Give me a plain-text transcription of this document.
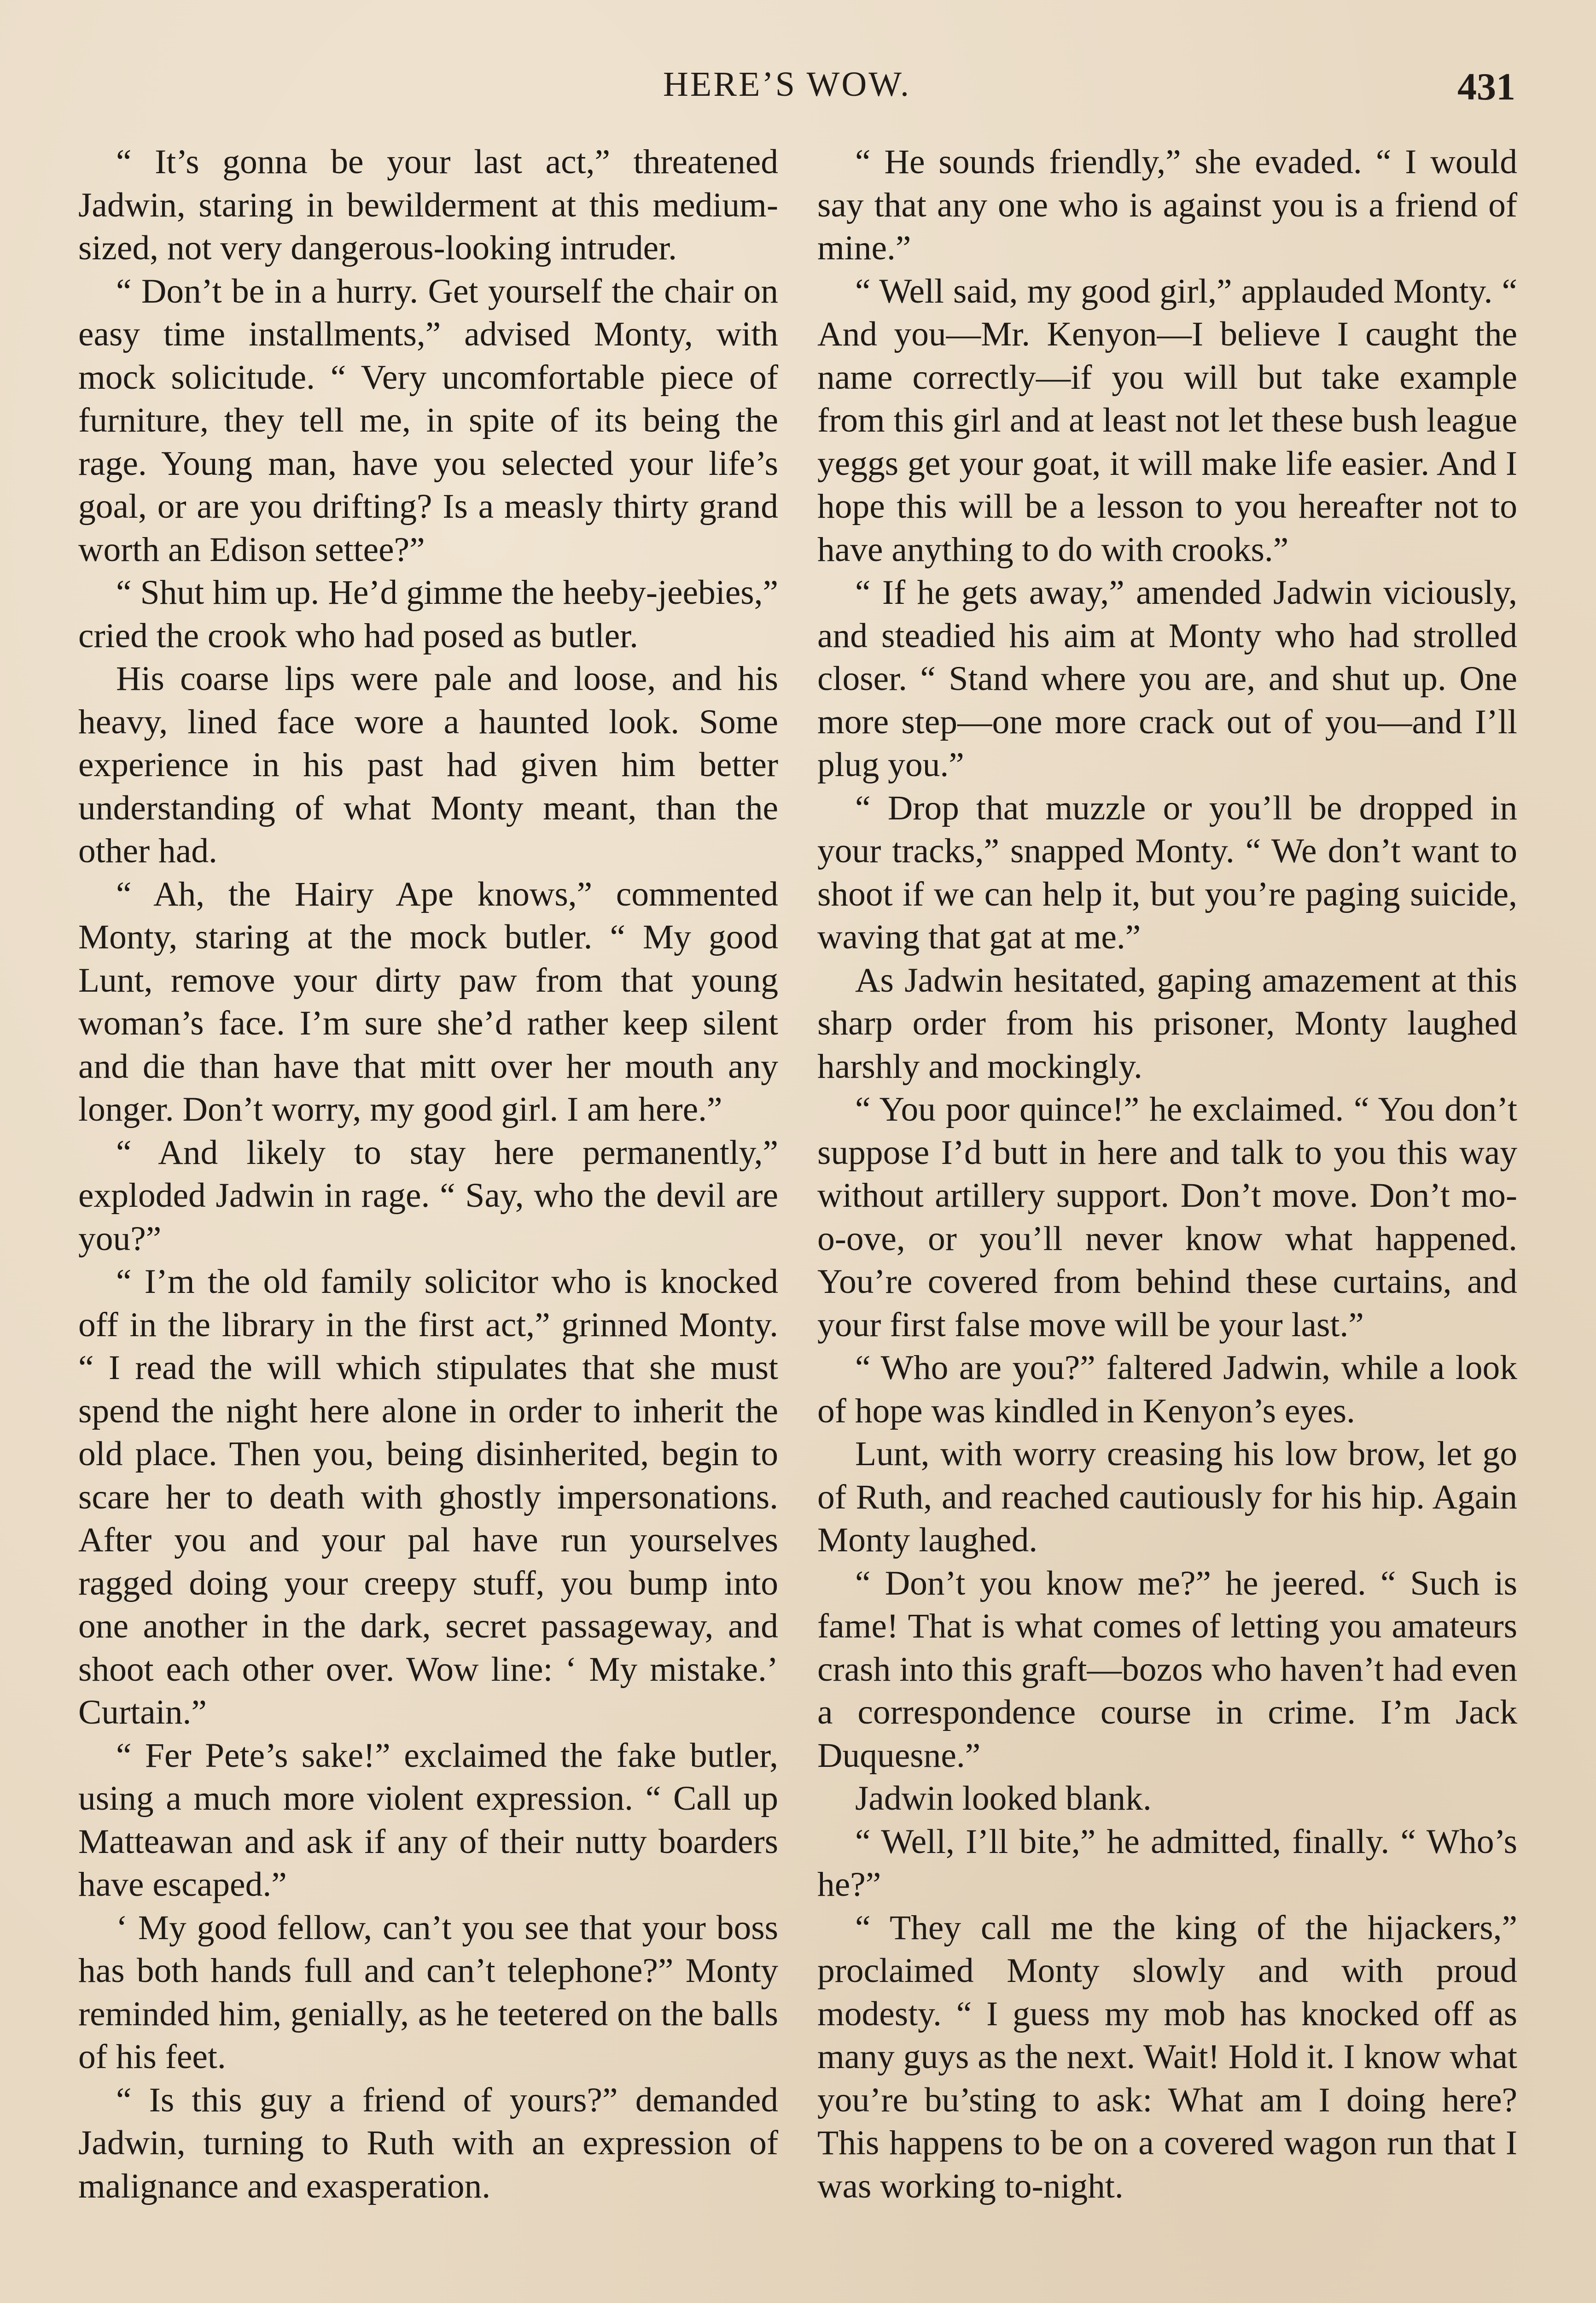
HERE’S WOW.	431

“ It’s gonna be your last act,” threatened Jadwin, staring in bewilderment at this medium-sized, not very dangerous-looking intruder.

“ Don’t be in a hurry. Get yourself the chair on easy time installments,” advised Monty, with mock solicitude. “ Very uncomfortable piece of furniture, they tell me, in spite of its being the rage. Young man, have you selected your life’s goal, or are you drifting? Is a measly thirty grand worth an Edison settee?”

“ Shut him up. He’d gimme the heeby-jeebies,” cried the crook who had posed as butler.

His coarse lips were pale and loose, and his heavy, lined face wore a haunted look. Some experience in his past had given him better understanding of what Monty meant, than the other had.

“ Ah, the Hairy Ape knows,” commented Monty, staring at the mock butler. “ My good Lunt, remove your dirty paw from that young woman’s face. I’m sure she’d rather keep silent and die than have that mitt over her mouth any longer. Don’t worry, my good girl. I am here.”

“ And likely to stay here permanently,” exploded Jadwin in rage. “ Say, who the devil are you?”

“ I’m the old family solicitor who is knocked off in the library in the first act,” grinned Monty. “ I read the will which stipulates that she must spend the night here alone in order to inherit the old place. Then you, being disinherited, begin to scare her to death with ghostly impersonations. After you and your pal have run yourselves ragged doing your creepy stuff, you bump into one another in the dark, secret passageway, and shoot each other over. Wow line: ‘ My mistake.’ Curtain.”

“ Fer Pete’s sake!” exclaimed the fake butler, using a much more violent expression. “ Call up Matteawan and ask if any of their nutty boarders have escaped.”

‘ My good fellow, can’t you see that your boss has both hands full and can’t telephone?” Monty reminded him, genially, as he teetered on the balls of his feet.

“ Is this guy a friend of yours?” demanded Jadwin, turning to Ruth with an expression of malignance and exasperation.

“ He sounds friendly,” she evaded. “ I would say that any one who is against you is a friend of mine.”

“ Well said, my good girl,” applauded Monty. “ And you—Mr. Kenyon—I believe I caught the name correctly—if you will but take example from this girl and at least not let these bush league yeggs get your goat, it will make life easier. And I hope this will be a lesson to you hereafter not to have anything to do with crooks.”

“ If he gets away,” amended Jadwin viciously, and steadied his aim at Monty who had strolled closer. “ Stand where you are, and shut up. One more step—one more crack out of you—and I’ll plug you.”

“ Drop that muzzle or you’ll be dropped in your tracks,” snapped Monty. “ We don’t want to shoot if we can help it, but you’re paging suicide, waving that gat at me.”

As Jadwin hesitated, gaping amazement at this sharp order from his prisoner, Monty laughed harshly and mockingly.

“ You poor quince!” he exclaimed. “ You don’t suppose I’d butt in here and talk to you this way without artillery support. Don’t move. Don’t mo-o-ove, or you’ll never know what happened. You’re covered from behind these curtains, and your first false move will be your last.”

“ Who are you?” faltered Jadwin, while a look of hope was kindled in Kenyon’s eyes.

Lunt, with worry creasing his low brow, let go of Ruth, and reached cautiously for his hip. Again Monty laughed.

“ Don’t you know me?” he jeered. “ Such is fame! That is what comes of letting you amateurs crash into this graft—bozos who haven’t had even a correspondence course in crime. I’m Jack Duquesne.”

Jadwin looked blank.

“ Well, I’ll bite,” he admitted, finally. “ Who’s he?”

“ They call me the king of the hijackers,” proclaimed Monty slowly and with proud modesty. “ I guess my mob has knocked off as many guys as the next. Wait! Hold it. I know what you’re bu’sting to ask: What am I doing here? This happens to be on a covered wagon run that I was working to-night.
